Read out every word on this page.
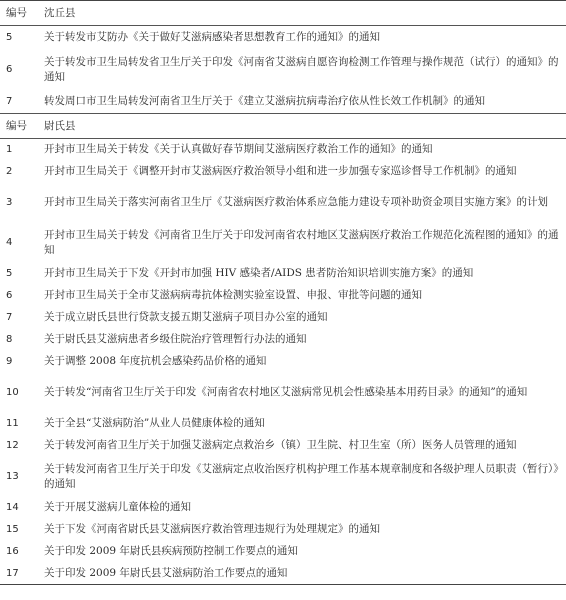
编号	沈丘县
5	关于转发市艾防办《关于做好艾滋病感染者思想教育工作的通知》的通知
6	关于转发市卫生局转发省卫生厅关于印发《河南省艾滋病自愿咨询检测工作管理与操作规范（试行）的通知》的通知
7	转发周口市卫生局转发河南省卫生厅关于《建立艾滋病抗病毒治疗依从性长效工作机制》的通知
编号	尉氏县
1	开封市卫生局关于转发《关于认真做好春节期间艾滋病医疗救治工作的通知》的通知
2	开封市卫生局关于《调整开封市艾滋病医疗救治领导小组和进一步加强专家巡诊督导工作机制》的通知
3	开封市卫生局关于落实河南省卫生厅《艾滋病医疗救治体系应急能力建设专项补助资金项目实施方案》的计划
4	开封市卫生局关于转发《河南省卫生厅关于印发河南省农村地区艾滋病医疗救治工作规范化流程图的通知》的通知
5	开封市卫生局关于下发《开封市加强 HIV 感染者/AIDS 患者防治知识培训实施方案》的通知
6	开封市卫生局关于全市艾滋病病毒抗体检测实验室设置、申报、审批等问题的通知
7	关于成立尉氏县世行贷款支援五期艾滋病子项目办公室的通知
8	关于尉氏县艾滋病患者乡级住院治疗管理暂行办法的通知
9	关于调整 2008 年度抗机会感染药品价格的通知
10	关于转发“河南省卫生厅关于印发《河南省农村地区艾滋病常见机会性感染基本用药目录》的通知”的通知
11	关于全县“艾滋病防治”从业人员健康体检的通知
12	关于转发河南省卫生厅关于加强艾滋病定点救治乡（镇）卫生院、村卫生室（所）医务人员管理的通知
13	关于转发河南省卫生厅关于印发《艾滋病定点收治医疗机构护理工作基本规章制度和各级护理人员职责（暂行）》的通知
14	关于开展艾滋病儿童体检的通知
15	关于下发《河南省尉氏县艾滋病医疗救治管理违规行为处理规定》的通知
16	关于印发 2009 年尉氏县疾病预防控制工作要点的通知
17	关于印发 2009 年尉氏县艾滋病防治工作要点的通知
